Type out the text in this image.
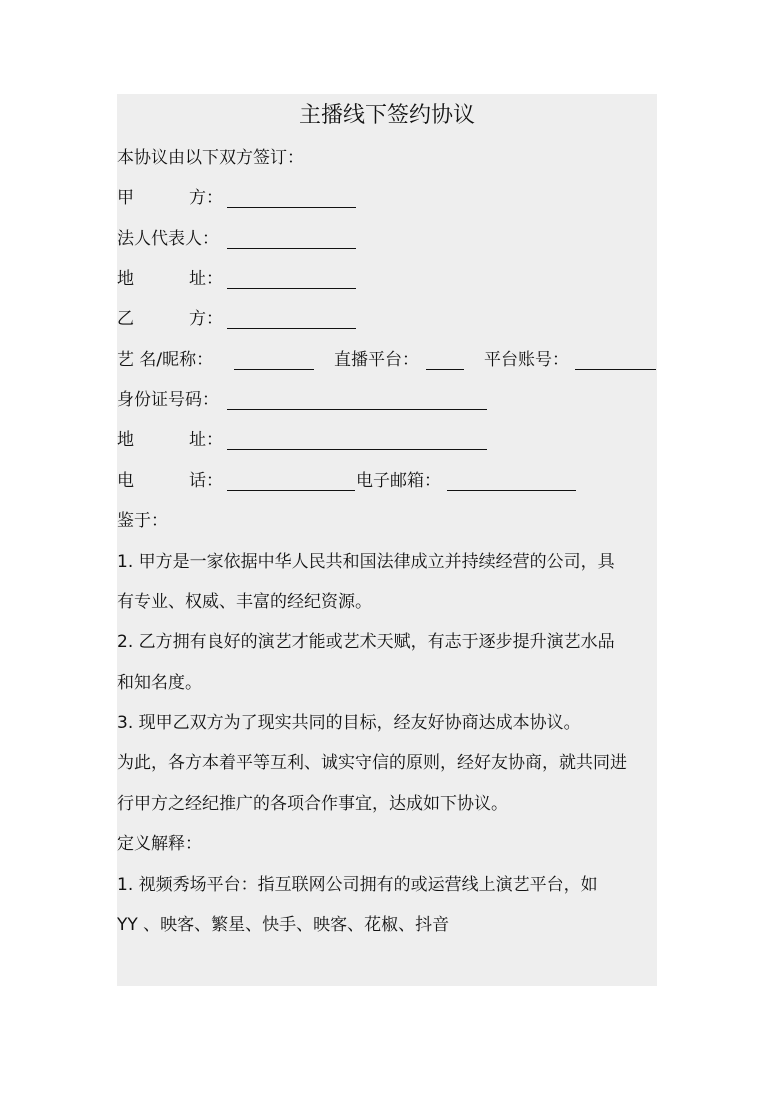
主播线下签约协议
本协议由以下双方签订：
甲	方：
法人代表人：
地	址：
乙	方：
艺 名/昵称：	直播平台：	平台账号：
身份证号码：
地	址：
电	话：	电子邮箱：
鉴于：
1. 甲方是一家依据中华人民共和国法律成立并持续经营的公司，具
有专业、权威、丰富的经纪资源。
2. 乙方拥有良好的演艺才能或艺术天赋，有志于逐步提升演艺水品
和知名度。
3. 现甲乙双方为了现实共同的目标，经友好协商达成本协议。
为此，各方本着平等互利、诚实守信的原则，经好友协商，就共同进
行甲方之经纪推广的各项合作事宜，达成如下协议。
定义解释：
1. 视频秀场平台：指互联网公司拥有的或运营线上演艺平台，如
YY 、映客、繁星、快手、映客、花椒、抖音
